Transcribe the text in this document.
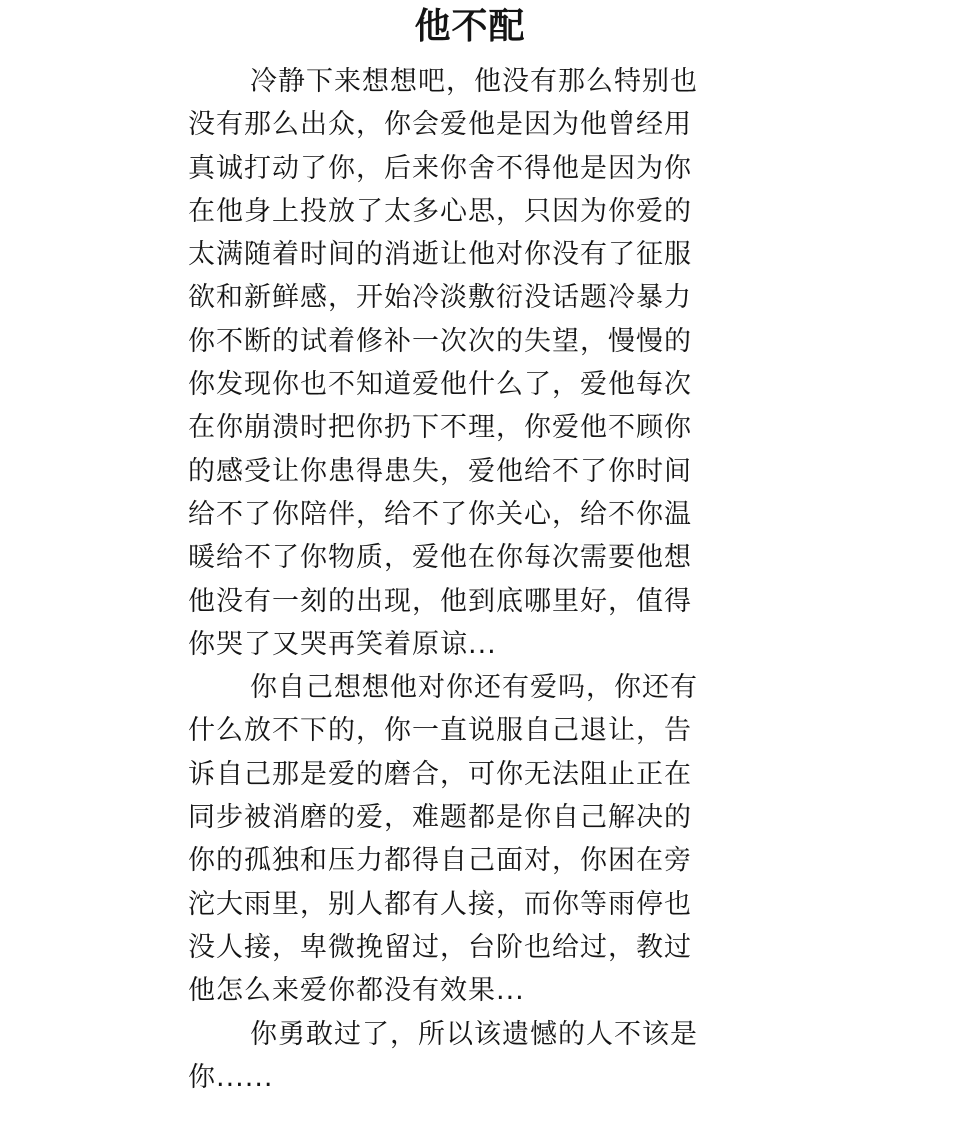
他不配
冷静下来想想吧，他没有那么特别也
没有那么出众，你会爱他是因为他曾经用
真诚打动了你，后来你舍不得他是因为你
在他身上投放了太多心思，只因为你爱的
太满随着时间的消逝让他对你没有了征服
欲和新鲜感，开始冷淡敷衍没话题冷暴力
你不断的试着修补一次次的失望，慢慢的
你发现你也不知道爱他什么了，爱他每次
在你崩溃时把你扔下不理，你爱他不顾你
的感受让你患得患失，爱他给不了你时间
给不了你陪伴，给不了你关心，给不你温
暖给不了你物质，爱他在你每次需要他想
他没有一刻的出现，他到底哪里好，值得
你哭了又哭再笑着原谅...
你自己想想他对你还有爱吗，你还有
什么放不下的，你一直说服自己退让，告
诉自己那是爱的磨合，可你无法阻止正在
同步被消磨的爱，难题都是你自己解决的
你的孤独和压力都得自己面对，你困在旁
沱大雨里，别人都有人接，而你等雨停也
没人接，卑微挽留过，台阶也给过，教过
他怎么来爱你都没有效果...
你勇敢过了，所以该遗憾的人不该是
你......
